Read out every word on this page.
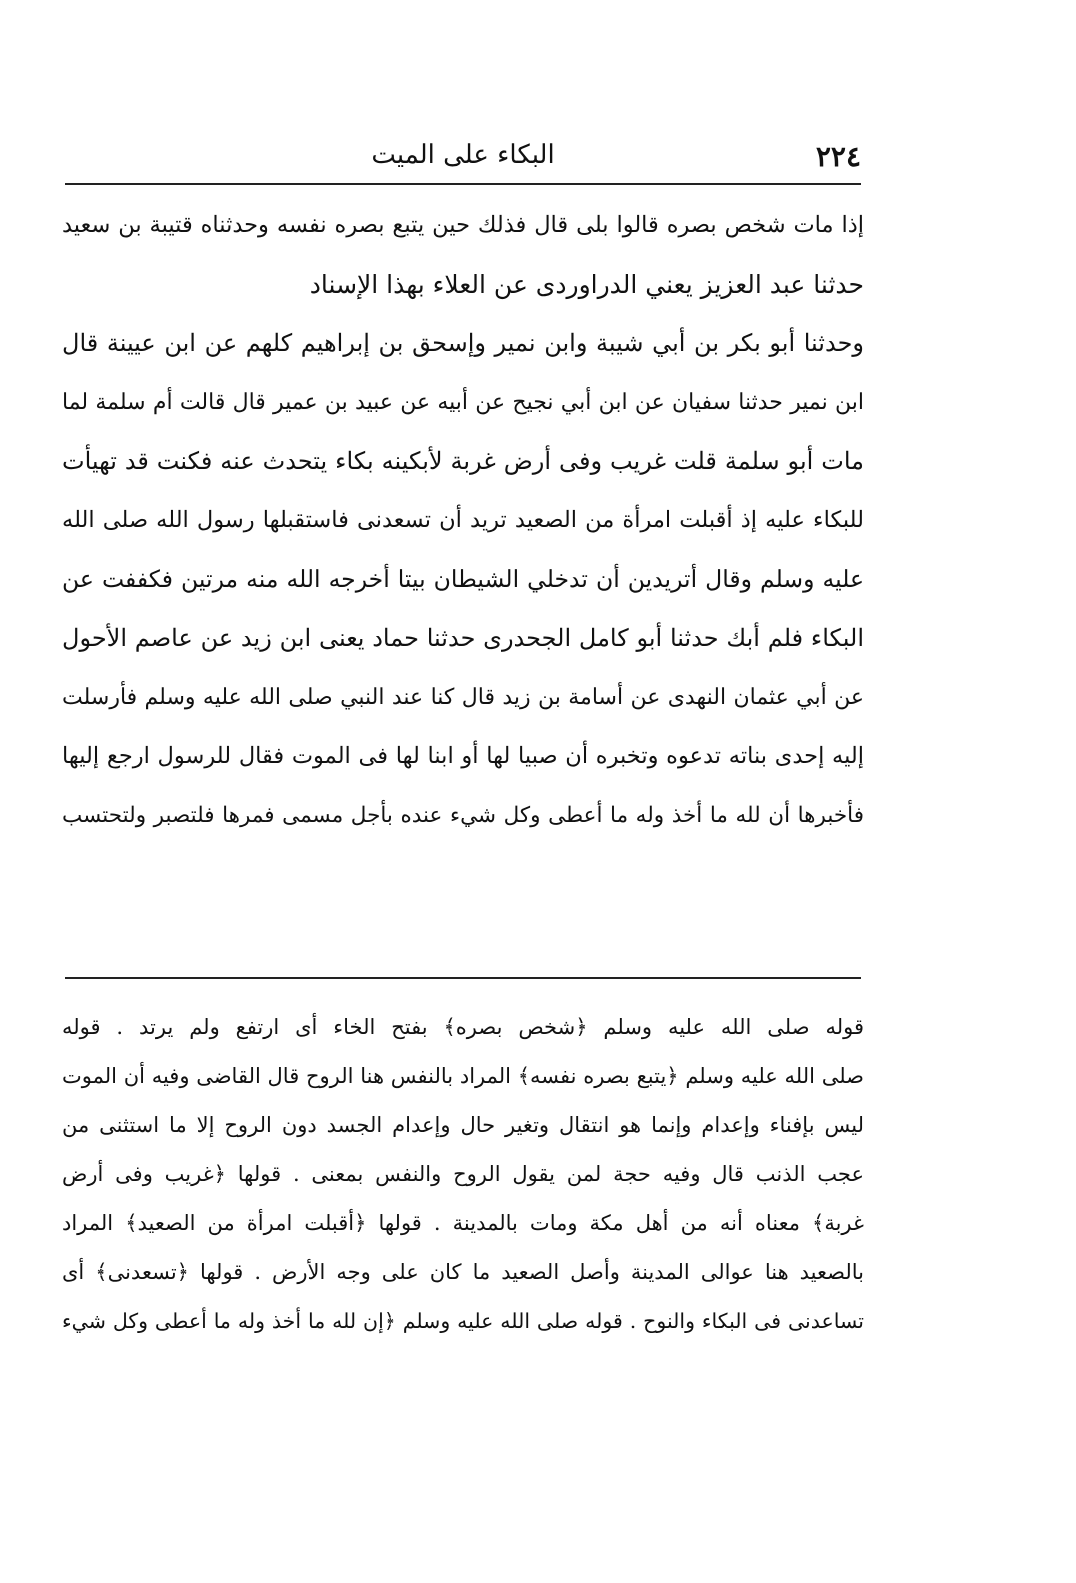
٢٢٤
البكاء على الميت
إذا مات شخص بصره قالوا بلى قال فذلك حين يتبع بصره نفسه وحدثناه قتيبة بن سعيد
حدثنا عبد العزيز يعني الدراوردى عن العلاء بهذا الإسناد
وحدثنا أبو بكر بن أبي شيبة وابن نمير وإسحق بن إبراهيم كلهم عن ابن عيينة قال
ابن نمير حدثنا سفيان عن ابن أبي نجيح عن أبيه عن عبيد بن عمير قال قالت أم سلمة لما
مات أبو سلمة قلت غريب وفى أرض غربة لأبكينه بكاء يتحدث عنه فكنت قد تهيأت
للبكاء عليه إذ أقبلت امرأة من الصعيد تريد أن تسعدنى فاستقبلها رسول الله صلى الله
عليه وسلم وقال أتريدين أن تدخلي الشيطان بيتا أخرجه الله منه مرتين فكففت عن
البكاء فلم أبك حدثنا أبو كامل الجحدرى حدثنا حماد يعنى ابن زيد عن عاصم الأحول
عن أبي عثمان النهدى عن أسامة بن زيد قال كنا عند النبي صلى الله عليه وسلم فأرسلت
إليه إحدى بناته تدعوه وتخبره أن صبيا لها أو ابنا لها فى الموت فقال للرسول ارجع إليها
فأخبرها أن لله ما أخذ وله ما أعطى وكل شيء عنده بأجل مسمى فمرها فلتصبر ولتحتسب
قوله صلى الله عليه وسلم ﴿شخص بصره﴾ بفتح الخاء أى ارتفع ولم يرتد . قوله
صلى الله عليه وسلم ﴿يتبع بصره نفسه﴾ المراد بالنفس هنا الروح قال القاضى وفيه أن الموت
ليس بإفناء وإعدام وإنما هو انتقال وتغير حال وإعدام الجسد دون الروح إلا ما استثنى من
عجب الذنب قال وفيه حجة لمن يقول الروح والنفس بمعنى . قولها ﴿غريب وفى أرض
غربة﴾ معناه أنه من أهل مكة ومات بالمدينة . قولها ﴿أقبلت امرأة من الصعيد﴾ المراد
بالصعيد هنا عوالى المدينة وأصل الصعيد ما كان على وجه الأرض . قولها ﴿تسعدنى﴾ أى
تساعدنى فى البكاء والنوح . قوله صلى الله عليه وسلم ﴿إن لله ما أخذ وله ما أعطى وكل شيء
